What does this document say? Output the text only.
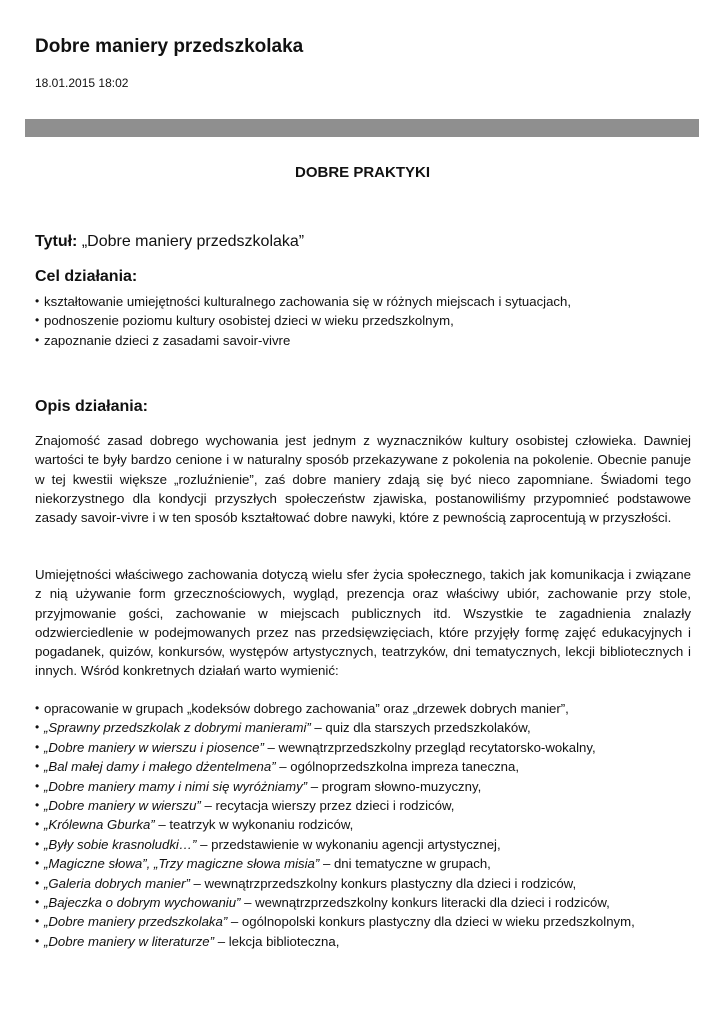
Dobre maniery przedszkolaka
18.01.2015 18:02
DOBRE PRAKTYKI
Tytuł: „Dobre maniery przedszkolaka”
Cel działania:
• kształtowanie umiejętności kulturalnego zachowania się w różnych miejscach i sytuacjach,
• podnoszenie poziomu kultury osobistej dzieci w wieku przedszkolnym,
• zapoznanie dzieci z zasadami savoir-vivre
Opis działania:

Znajomość zasad dobrego wychowania jest jednym z wyznaczników kultury osobistej człowieka. Dawniej wartości te były bardzo cenione i w naturalny sposób przekazywane z pokolenia na pokolenie. Obecnie panuje w tej kwestii większe „rozluźnienie”, zaś dobre maniery zdają się być nieco zapomniane. Świadomi tego niekorzystnego dla kondycji przyszłych społeczeństw zjawiska, postanowiliśmy przypomnieć podstawowe zasady savoir-vivre i w ten sposób kształtować dobre nawyki, które z pewnością zaprocentują w przyszłości.

Umiejętności właściwego zachowania dotyczą wielu sfer życia społecznego, takich jak komunikacja i związane z nią używanie form grzecznościowych, wygląd, prezencja oraz właściwy ubiór, zachowanie przy stole, przyjmowanie gości, zachowanie w miejscach publicznych itd. Wszystkie te zagadnienia znalazły odzwierciedlenie w podejmowanych przez nas przedsięwzięciach, które przyjęły formę zajęć edukacyjnych i pogadanek, quizów, konkursów, występów artystycznych, teatrzyków, dni tematycznych, lekcji bibliotecznych i innych. Wśród konkretnych działań warto wymienić:

• opracowanie w grupach „kodeksów dobrego zachowania” oraz „drzewek dobrych manier”,
• „Sprawny przedszkolak z dobrymi manierami” – quiz dla starszych przedszkolaków,
• „Dobre maniery w wierszu i piosence” – wewnątrzprzedszkolny przegląd recytatorsko-wokalny,
• „Bal małej damy i małego dżentelmena” – ogólnoprzedszkolna impreza taneczna,
• „Dobre maniery mamy i nimi się wyróżniamy” – program słowno-muzyczny,
• „Dobre maniery w wierszu” – recytacja wierszy przez dzieci i rodziców,
• „Królewna Gburka” – teatrzyk w wykonaniu rodziców,
• „Były sobie krasnoludki…” – przedstawienie w wykonaniu agencji artystycznej,
• „Magiczne słowa”, „Trzy magiczne słowa misia” – dni tematyczne w grupach,
• „Galeria dobrych manier” – wewnątrzprzedszkolny konkurs plastyczny dla dzieci i rodziców,
• „Bajeczka o dobrym wychowaniu” – wewnątrzprzedszkolny konkurs literacki dla dzieci i rodziców,
• „Dobre maniery przedszkolaka” – ogólnopolski konkurs plastyczny dla dzieci w wieku przedszkolnym,
• „Dobre maniery w literaturze” – lekcja biblioteczna,
